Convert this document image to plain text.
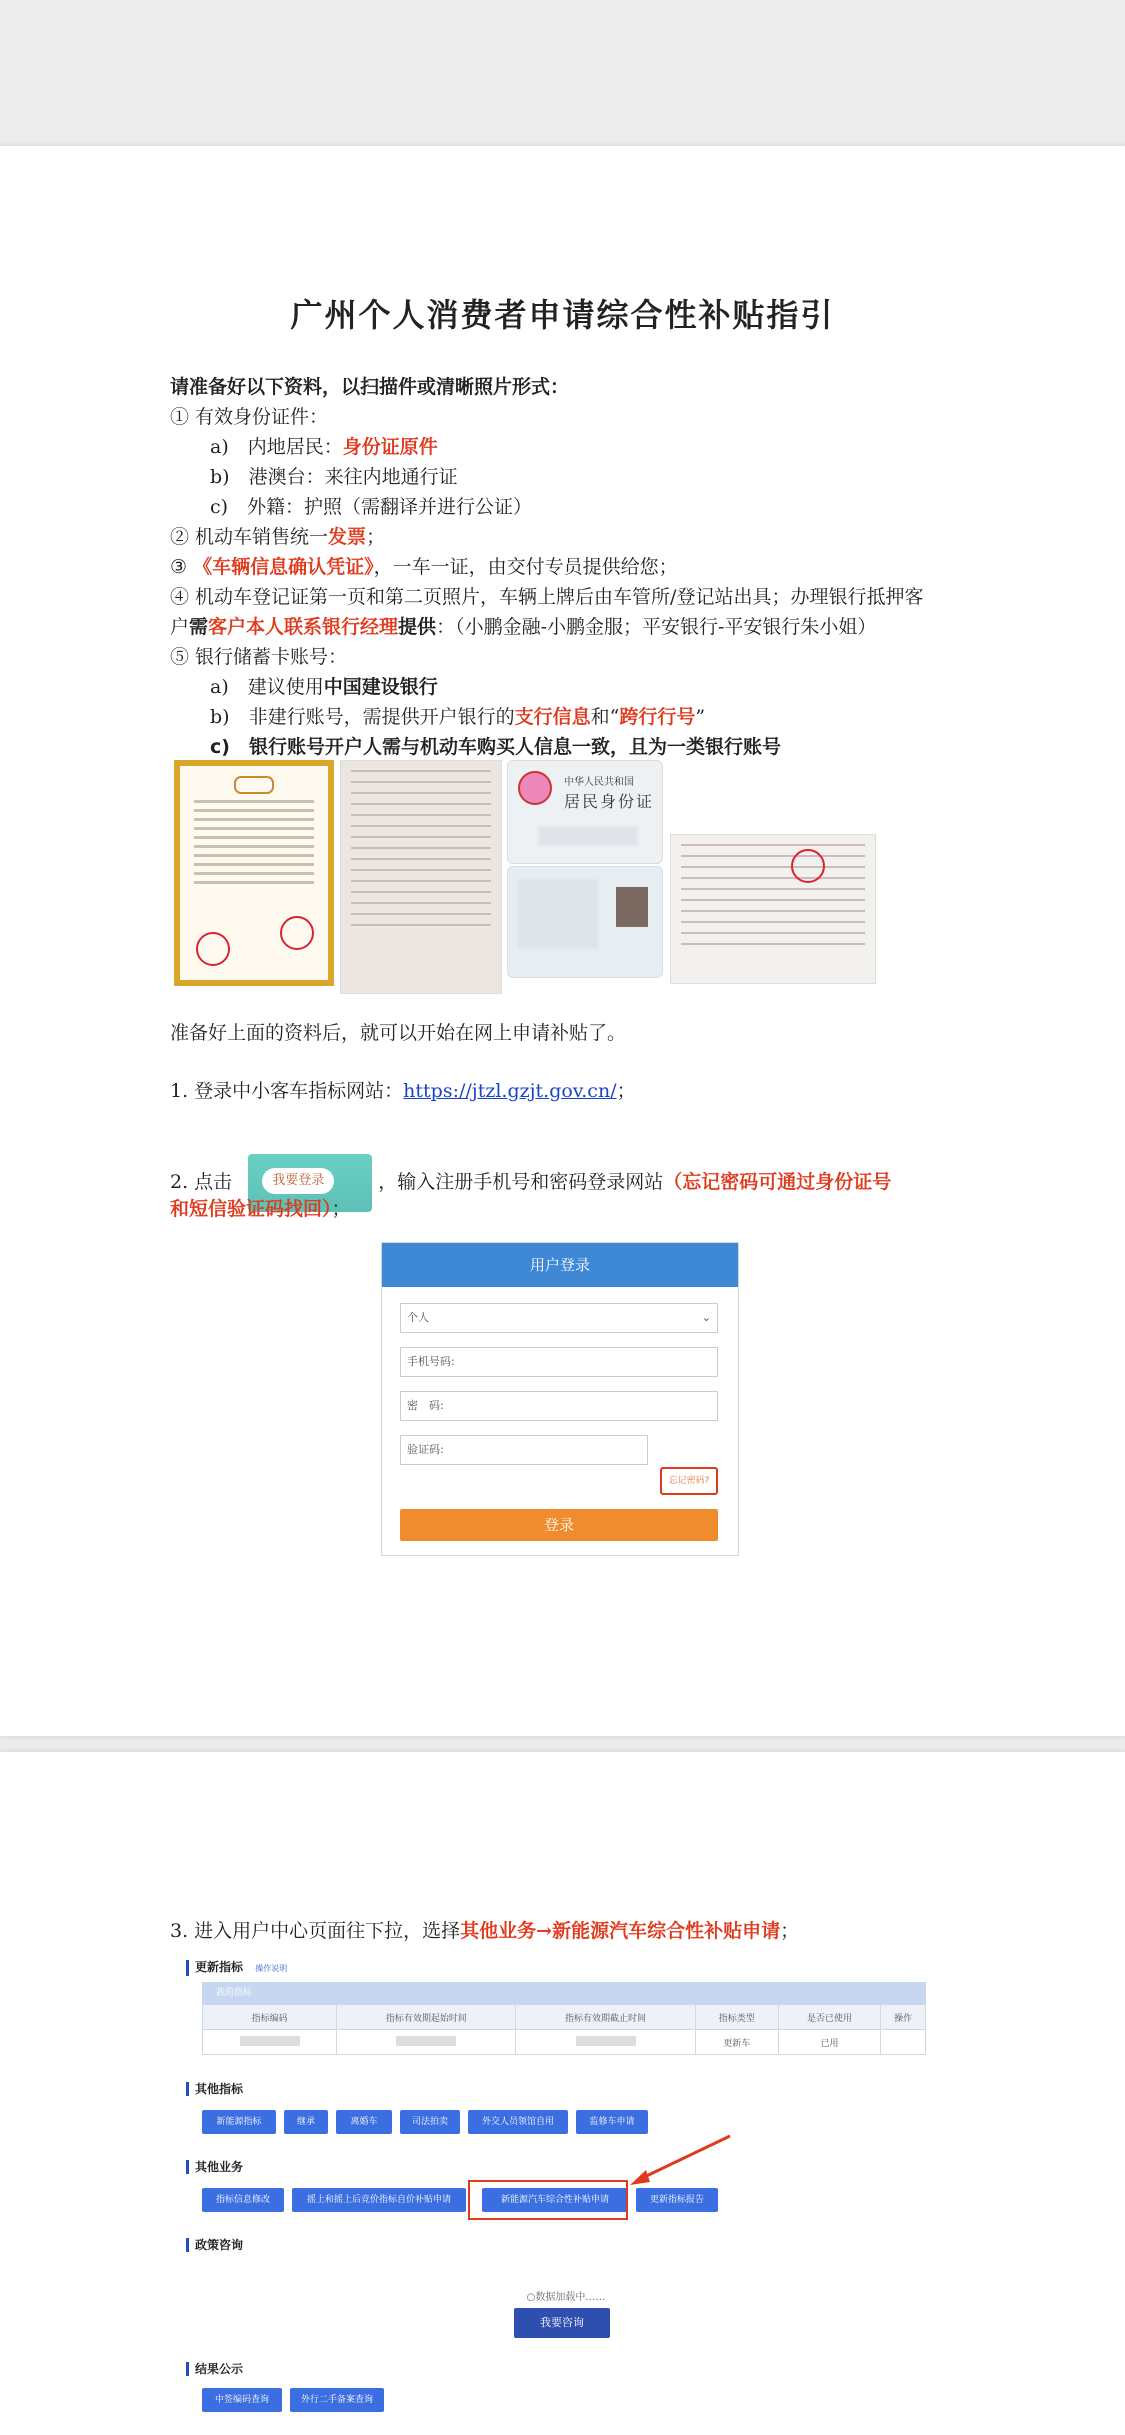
广州个人消费者申请综合性补贴指引
请准备好以下资料，以扫描件或清晰照片形式：
① 有效身份证件：
a)　内地居民：身份证原件
b)　港澳台：来往内地通行证
c)　外籍：护照（需翻译并进行公证）
② 机动车销售统一发票；
③ 《车辆信息确认凭证》，一车一证，由交付专员提供给您；
④ 机动车登记证第一页和第二页照片，车辆上牌后由车管所/登记站出具；办理银行抵押客
户需客户本人联系银行经理提供：（小鹏金融-小鹏金服；平安银行-平安银行朱小姐）
⑤ 银行储蓄卡账号：
a)　建议使用中国建设银行
b)　非建行账号，需提供开户银行的支行信息和“跨行行号”
c)　银行账号开户人需与机动车购买人信息一致，且为一类银行账号
中华人民共和国
居民身份证
准备好上面的资料后，就可以开始在网上申请补贴了。
1. 登录中小客车指标网站：https://jtzl.gzjt.gov.cn/；
2. 点击	我要登录	，输入注册手机号和密码登录网站（忘记密码可通过身份证号
和短信验证码找回）；
用户登录
个人	⌄
手机号码:
密　码:
验证码:
忘记密码?
登录
3. 进入用户中心页面往下拉，选择其他业务→新能源汽车综合性补贴申请；
更新指标 操作说明
我的指标
指标编码	指标有效期起始时间	指标有效期截止时间	指标类型	是否已使用	操作
			更新车	已用	
其他指标
新能源指标	继承	离婚车	司法拍卖	外交人员领馆自用	监修车申请
其他业务
指标信息修改	摇上和摇上后竞价指标自价补贴申请	新能源汽车综合性补贴申请	更新指标报告
政策咨询
○数据加载中……
我要咨询
结果公示
中签编码查询	外行二手备案查询
